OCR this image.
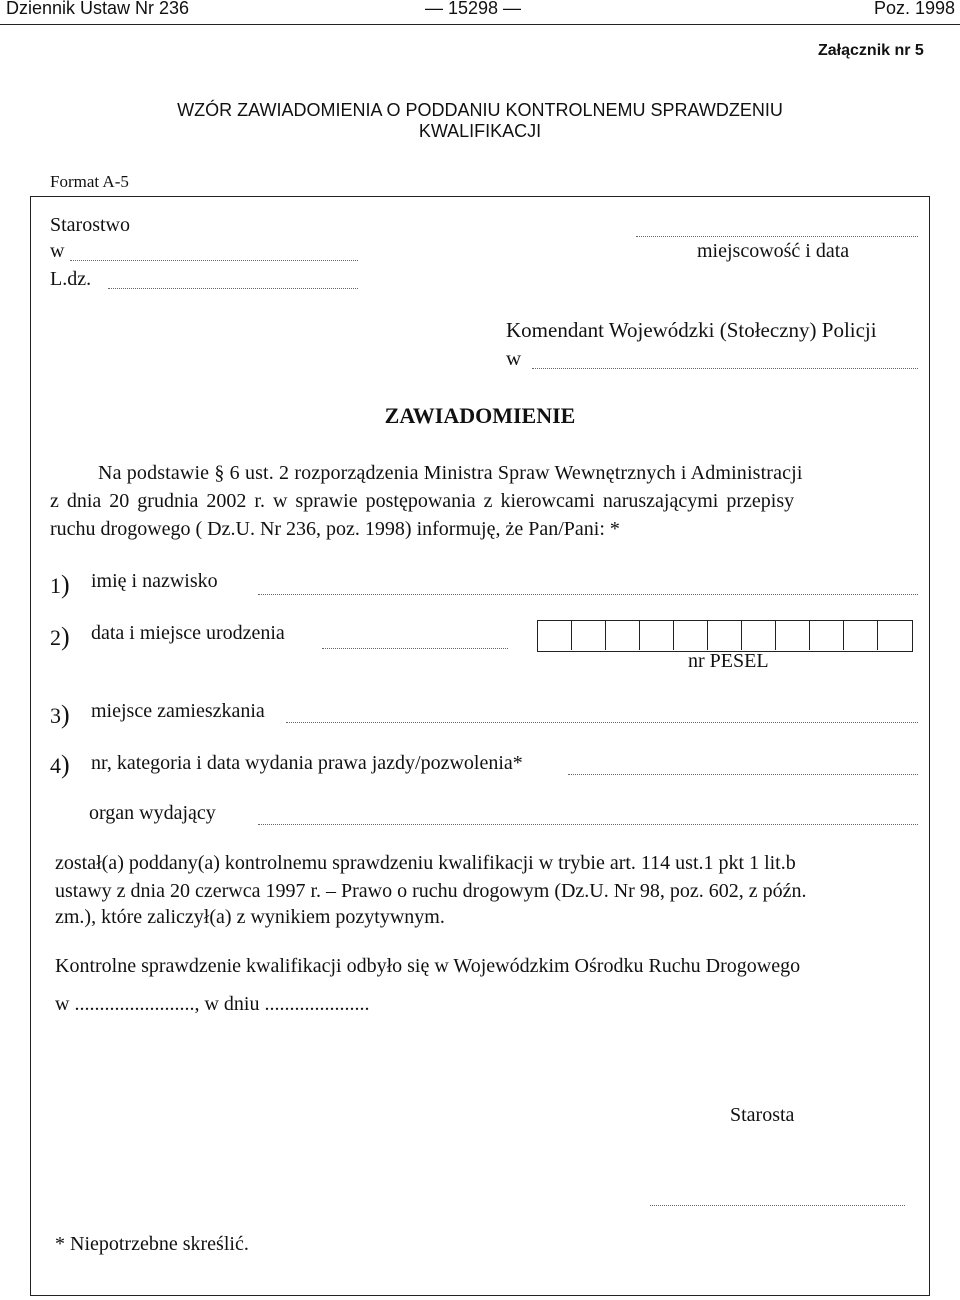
Dziennik Ustaw Nr 236	— 15298 —	Poz. 1998
Załącznik nr 5
WZÓR ZAWIADOMIENIA O PODDANIU KONTROLNEMU SPRAWDZENIU
KWALIFIKACJI
Format A-5
Starostwo
w
L.dz.
miejscowość i data
Komendant Wojewódzki (Stołeczny) Policji
w
ZAWIADOMIENIE
Na podstawie § 6 ust. 2 rozporządzenia Ministra Spraw Wewnętrznych i Administracji
z dnia 20 grudnia 2002 r. w sprawie postępowania z kierowcami naruszającymi przepisy
ruchu drogowego ( Dz.U. Nr 236, poz. 1998) informuję, że Pan/Pani: *
1) imię i nazwisko
2) data i miejsce urodzenia
nr PESEL
3) miejsce zamieszkania
4) nr, kategoria i data wydania prawa jazdy/pozwolenia*
organ wydający
został(a) poddany(a) kontrolnemu sprawdzeniu kwalifikacji w trybie art. 114 ust.1 pkt 1 lit.b
ustawy z dnia 20 czerwca 1997 r. – Prawo o ruchu drogowym (Dz.U. Nr 98, poz. 602, z późn.
zm.), które zaliczył(a) z wynikiem pozytywnym.
Kontrolne sprawdzenie kwalifikacji odbyło się w Wojewódzkim Ośrodku Ruchu Drogowego
w ........................, w dniu .....................
Starosta
* Niepotrzebne skreślić.
